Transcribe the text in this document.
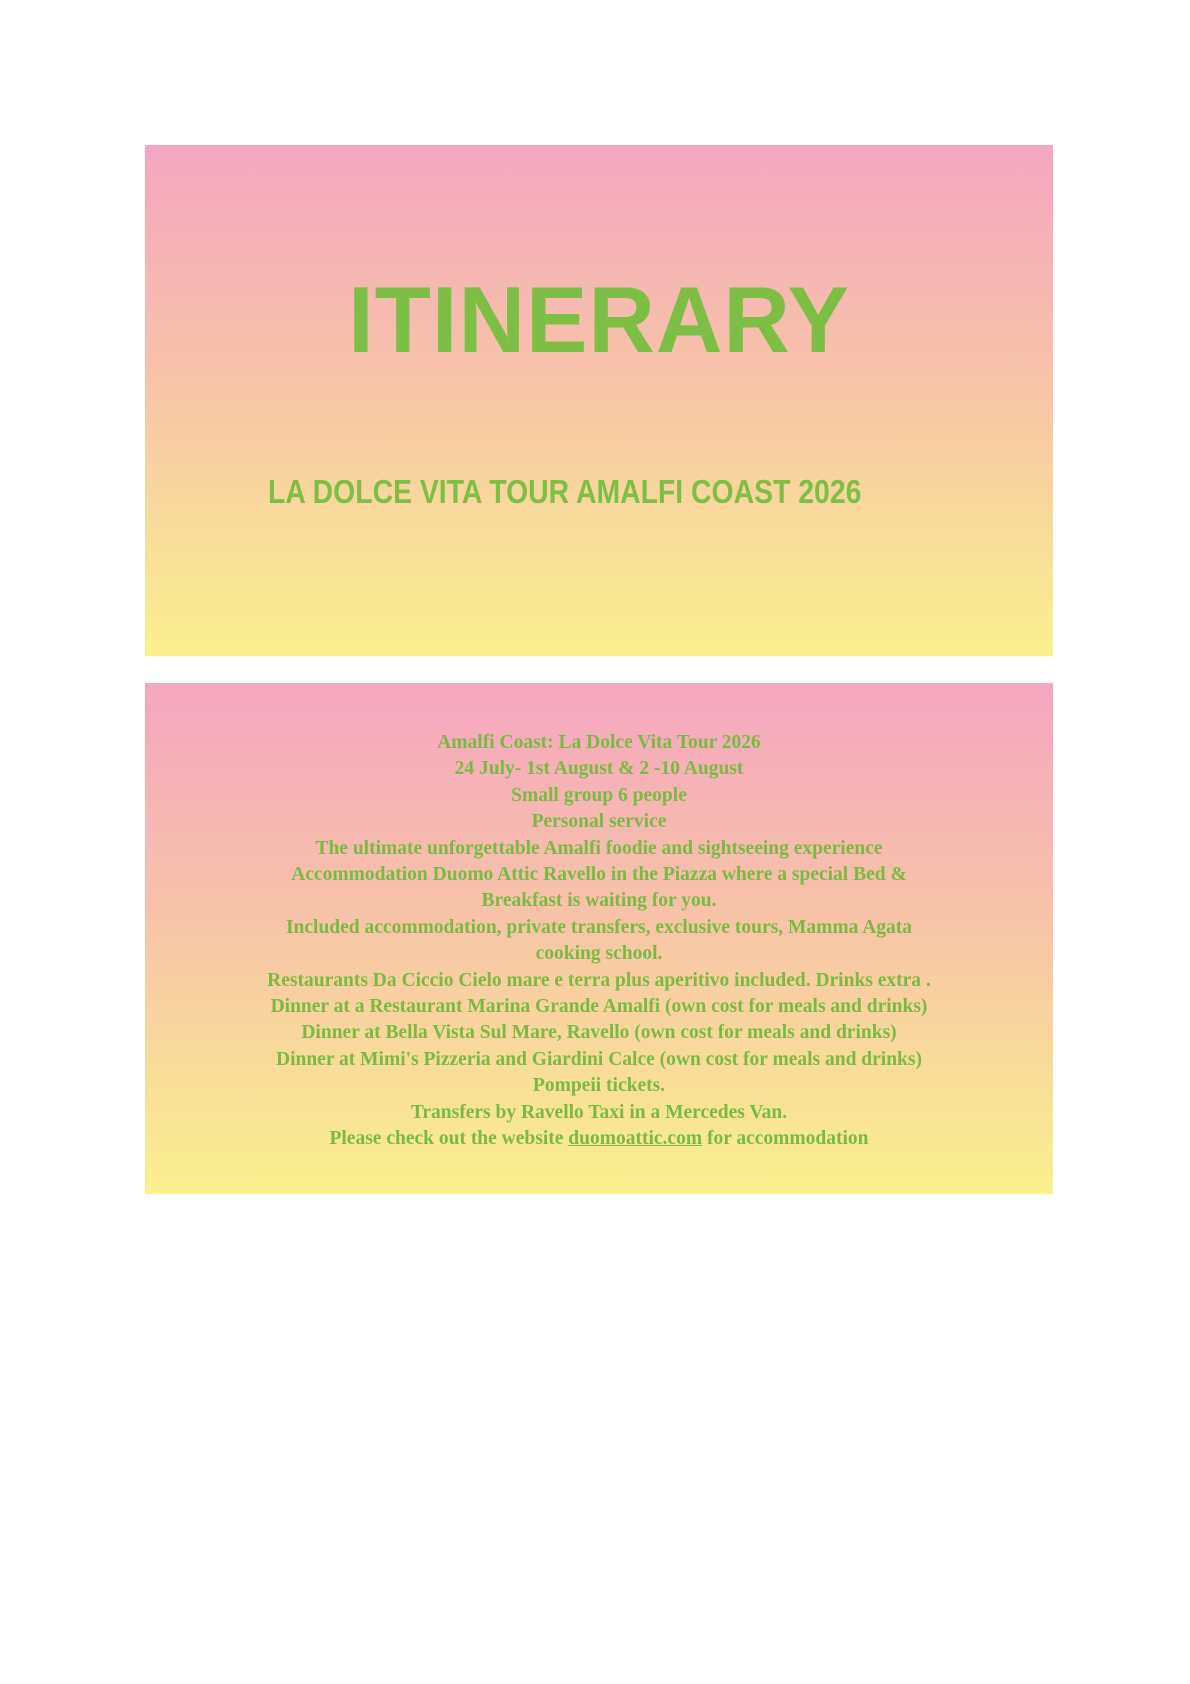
ITINERARY
LA DOLCE VITA TOUR AMALFI COAST 2026
Amalfi Coast: La Dolce Vita Tour 2026
24 July- 1st August & 2 -10 August
Small group 6 people
Personal service
The ultimate unforgettable Amalfi foodie and sightseeing experience
Accommodation Duomo Attic Ravello in the Piazza where a special Bed &
Breakfast is waiting for you.
Included accommodation, private transfers, exclusive tours, Mamma Agata
cooking school.
Restaurants Da Ciccio Cielo mare e terra plus aperitivo included. Drinks extra .
Dinner at a Restaurant Marina Grande Amalfi (own cost for meals and drinks)
Dinner at Bella Vista Sul Mare, Ravello (own cost for meals and drinks)
Dinner at Mimi's Pizzeria and Giardini Calce (own cost for meals and drinks)
Pompeii tickets.
Transfers by Ravello Taxi in a Mercedes Van.
Please check out the website duomoattic.com for accommodation
